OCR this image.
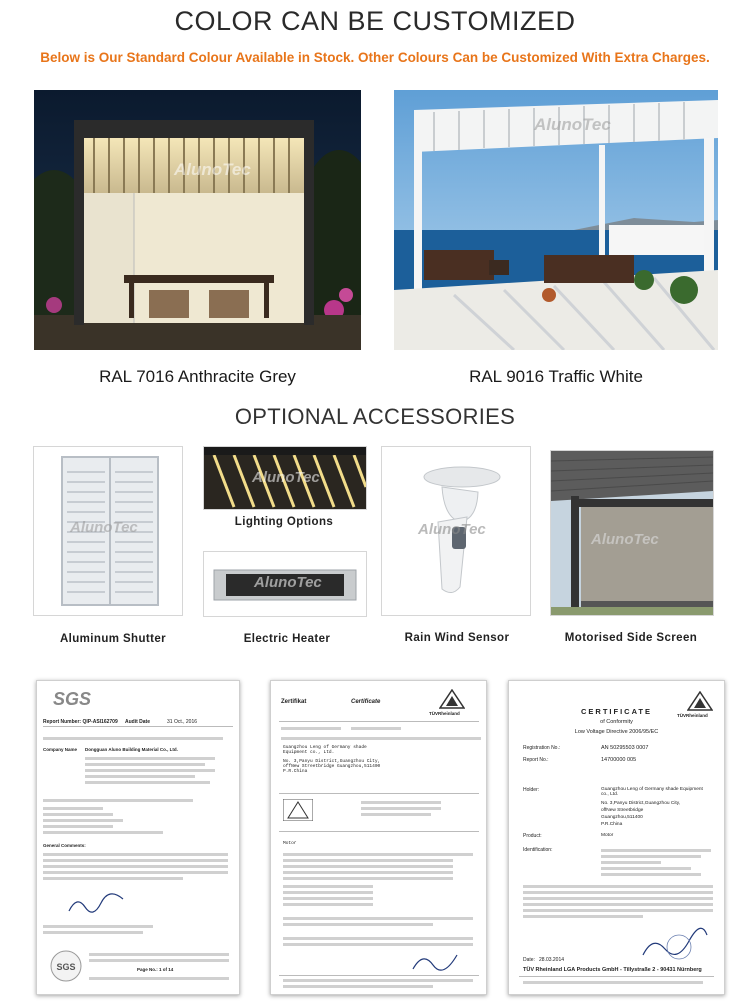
COLOR CAN BE CUSTOMIZED
Below is Our Standard Colour Available in Stock. Other Colours Can be Customized With Extra Charges.
AlunoTec
AlunoTec
RAL 7016 Anthracite Grey	RAL 9016 Traffic White
OPTIONAL ACCESSORIES
AlunoTec
Aluminum Shutter
AlunoTec
Lighting Options
AlunoTec
Electric Heater
AlunoTec
Rain Wind Sensor
AlunoTec
Motorised Side Screen
SGS
Report Number: QIP-ASI162709 Audit Date	31 Oct., 2016
Company Name Dongguan Aluno Building Material Co., Ltd.
General Comments:
SGS	Page No.: 1 of 14
Zertifikat	Certificate
TÜVRheinland
Guangzhou Leng of Germany shade Equipment co., Ltd.
No. 3,Panyu District,Guangzhou City, offNew Streetbridge Guangzhou,511400 P.R.China
Motor
TÜVRheinland
CERTIFICATE
of Conformity
Low Voltage Directive 2006/95/EC
Registration No.:	AN 50295503 0007
Report No.:	14700000 005
Holder:	Guangzhou Leng of Germany shade Equipment co., Ltd.
No. 3,Panyu District,Guangzhou City,
offNew Streetbridge
Guangzhou,511400
P.R.China
Product:	Motor
Identification:
Date: 28.03.2014
TÜV Rheinland LGA Products GmbH - Tillystraße 2 - 90431 Nürnberg
